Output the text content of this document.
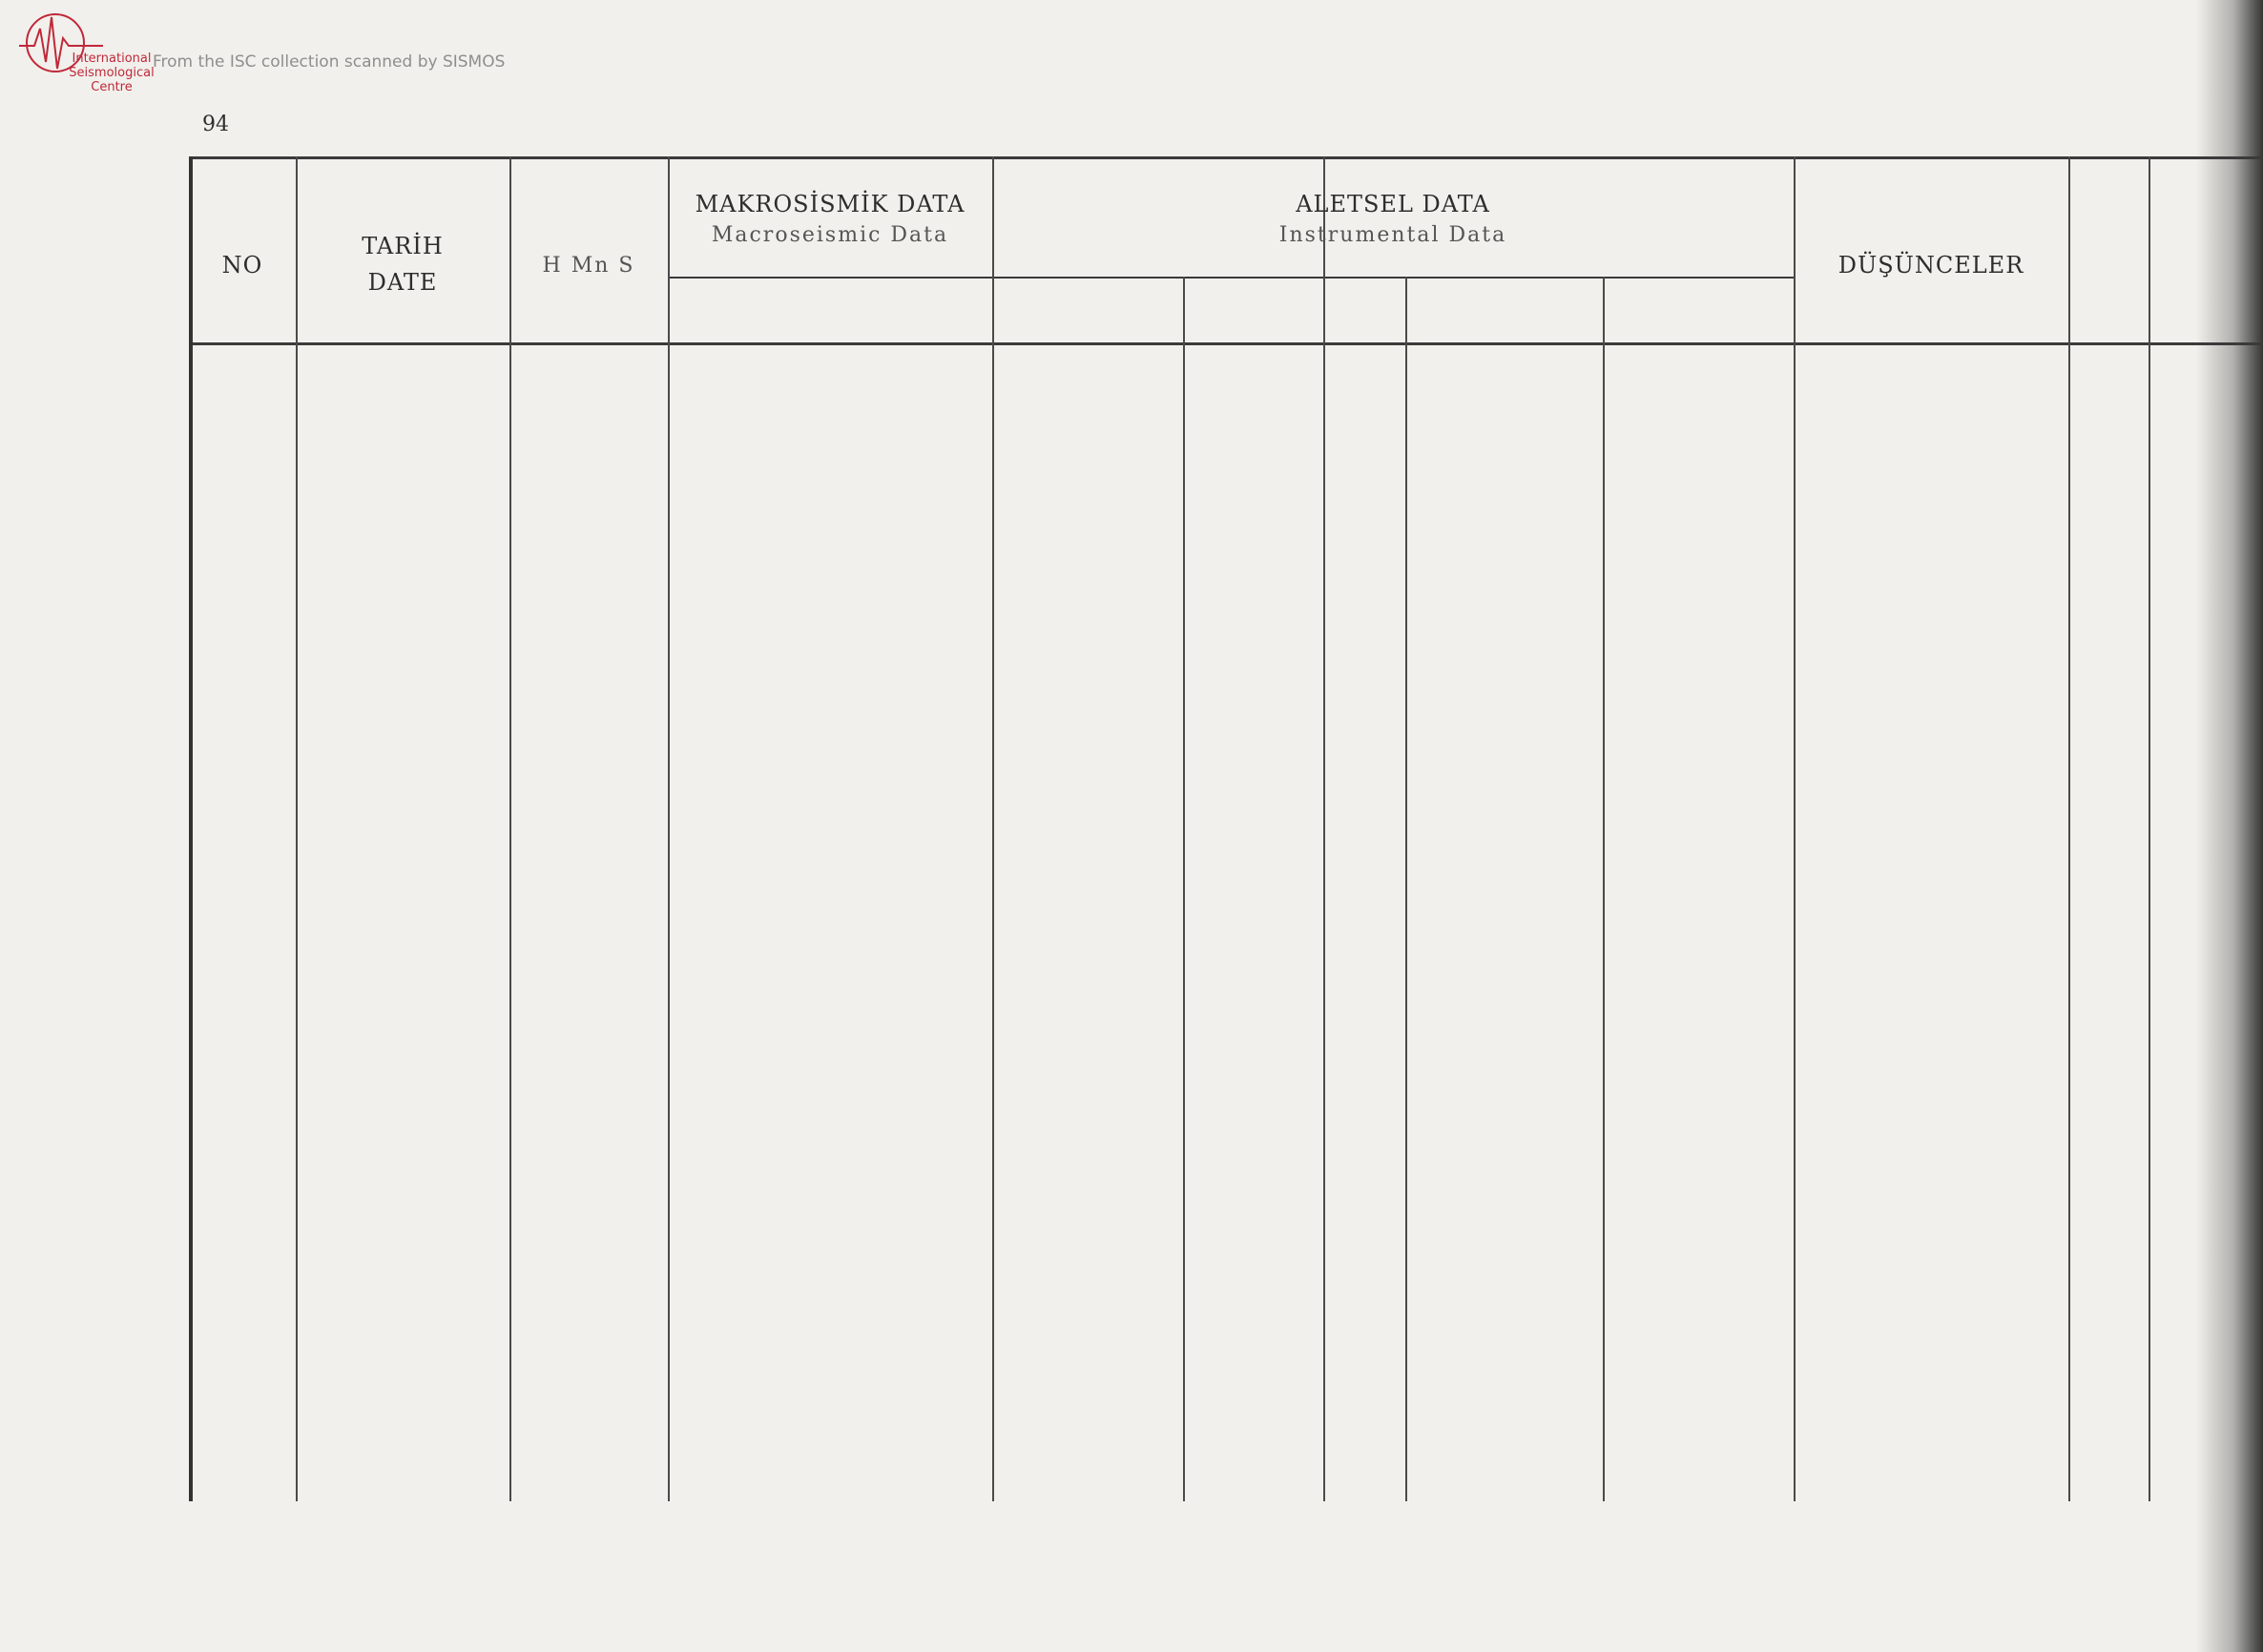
International
Seismological
Centre
From the ISC collection scanned by SISMOS
94
NO
TARİH
DATE
H Mn S
MAKROSİSMİK DATA
Macroseismic Data
ALETSEL DATA
Instrumental Data
DÜŞÜNCELER
